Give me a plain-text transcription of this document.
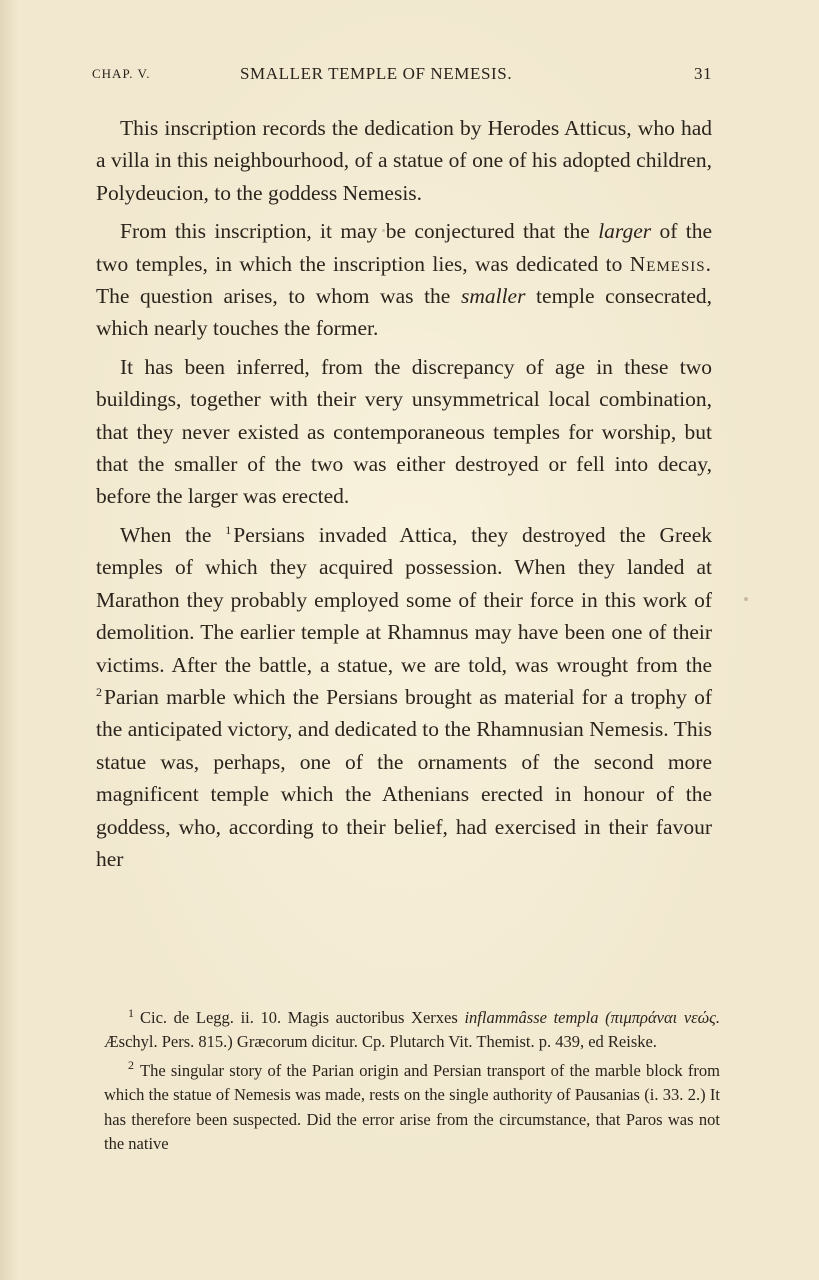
CHAP. V.	SMALLER TEMPLE OF NEMESIS.	31

This inscription records the dedication by Herodes Atticus, who had a villa in this neighbourhood, of a statue of one of his adopted children, Polydeucion, to the goddess Nemesis.

From this inscription, it may be conjectured that the larger of the two temples, in which the inscription lies, was dedicated to Nemesis. The question arises, to whom was the smaller temple consecrated, which nearly touches the former.

It has been inferred, from the discrepancy of age in these two buildings, together with their very unsymmetrical local combination, that they never existed as contemporaneous temples for worship, but that the smaller of the two was either destroyed or fell into decay, before the larger was erected.

When the $^1$Persians invaded Attica, they destroyed the Greek temples of which they acquired possession. When they landed at Marathon they probably employed some of their force in this work of demolition. The earlier temple at Rhamnus may have been one of their victims. After the battle, a statue, we are told, was wrought from the $^2$Parian marble which the Persians brought as material for a trophy of the anticipated victory, and dedicated to the Rhamnusian Nemesis. This statue was, perhaps, one of the ornaments of the second more magnificent temple which the Athenians erected in honour of the goddess, who, according to their belief, had exercised in their favour her

$^1$ Cic. de Legg. ii. 10. Magis auctoribus Xerxes inflammâsse templa (πιμπράναι νεώς. Æschyl. Pers. 815.) Græcorum dicitur. Cp. Plutarch Vit. Themist. p. 439, ed Reiske.

$^2$ The singular story of the Parian origin and Persian transport of the marble block from which the statue of Nemesis was made, rests on the single authority of Pausanias (i. 33. 2.) It has therefore been suspected. Did the error arise from the circumstance, that Paros was not the native
